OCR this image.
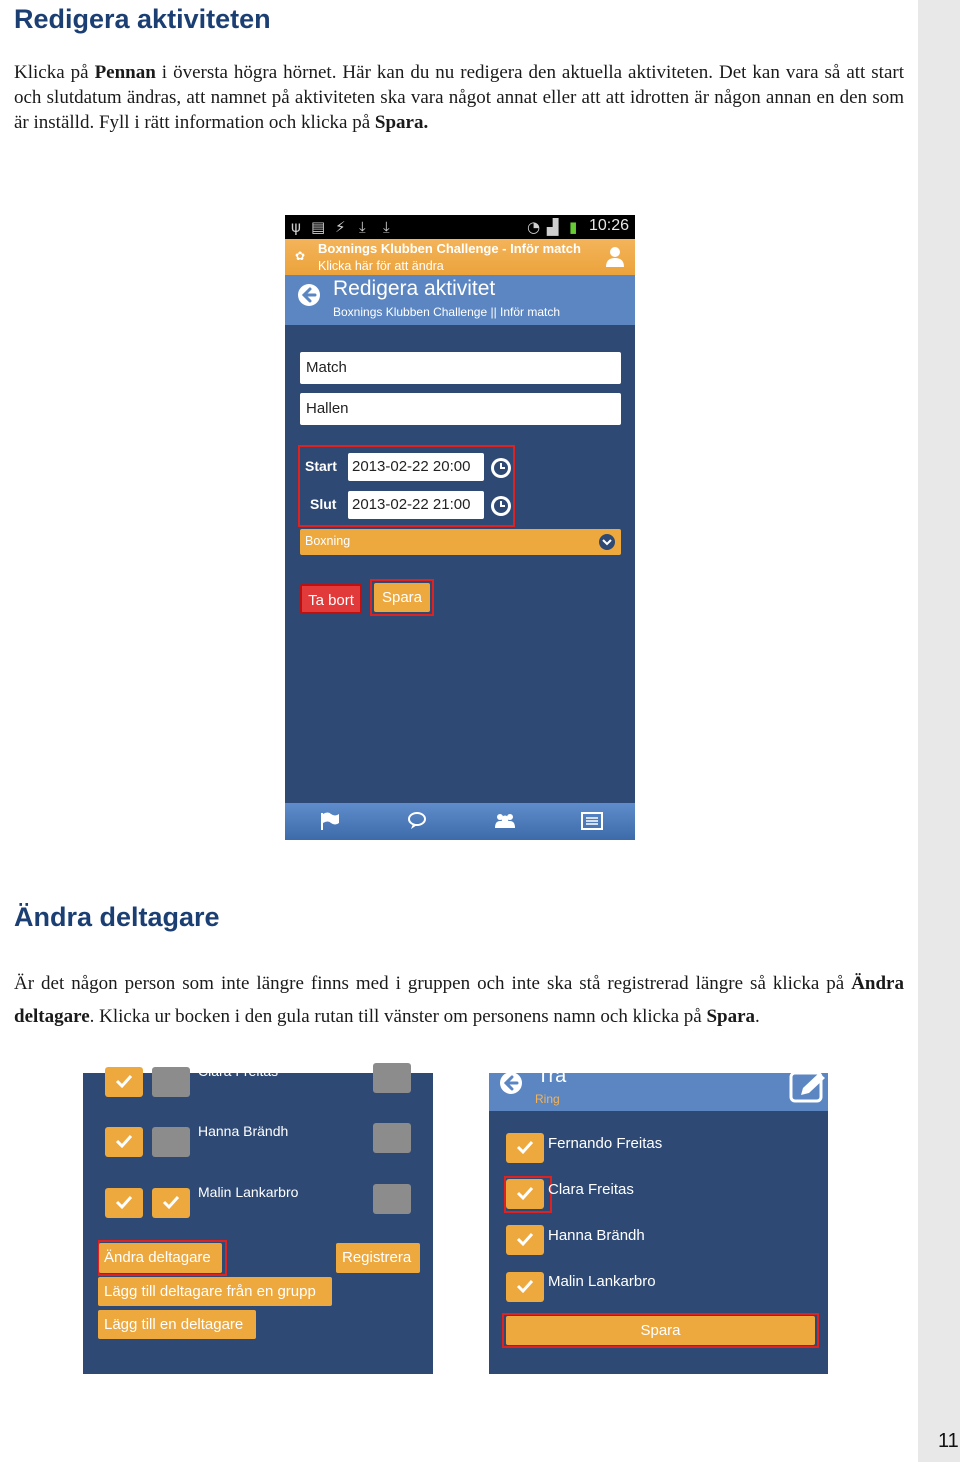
Redigera aktiviteten

Klicka på Pennan i översta högra hörnet. Här kan du nu redigera den aktuella aktiviteten. Det kan vara så att start och slutdatum ändras, att namnet på aktiviteten ska vara något annat eller att att idrotten är någon annan en den som är inställd. Fyll i rätt information och klicka på Spara.

ψ ▤ ⚡ ⤓ ⤓	◔ ▟ ▮ 10:26
✿ Boxnings Klubben Challenge - Inför match
Klicka här för att ändra
Redigera aktivitet
Boxnings Klubben Challenge || Inför match
Match
Hallen
Start 2013-02-22 20:00
Slut 2013-02-22 21:00
Boxning
Ta bort	Spara
Ändra deltagare

Är det någon person som inte längre finns med i gruppen och inte ska stå registrerad längre så klicka på Ändra deltagare. Klicka ur bocken i den gula rutan till vänster om personens namn och klicka på Spara.

Clara Freitas
Hanna Brändh
Malin Lankarbro
Ändra deltagare	Registrera
Lägg till deltagare från en grupp
Lägg till en deltagare
Tra
Ring
Fernando Freitas
Clara Freitas
Hanna Brändh
Malin Lankarbro
Spara
11
